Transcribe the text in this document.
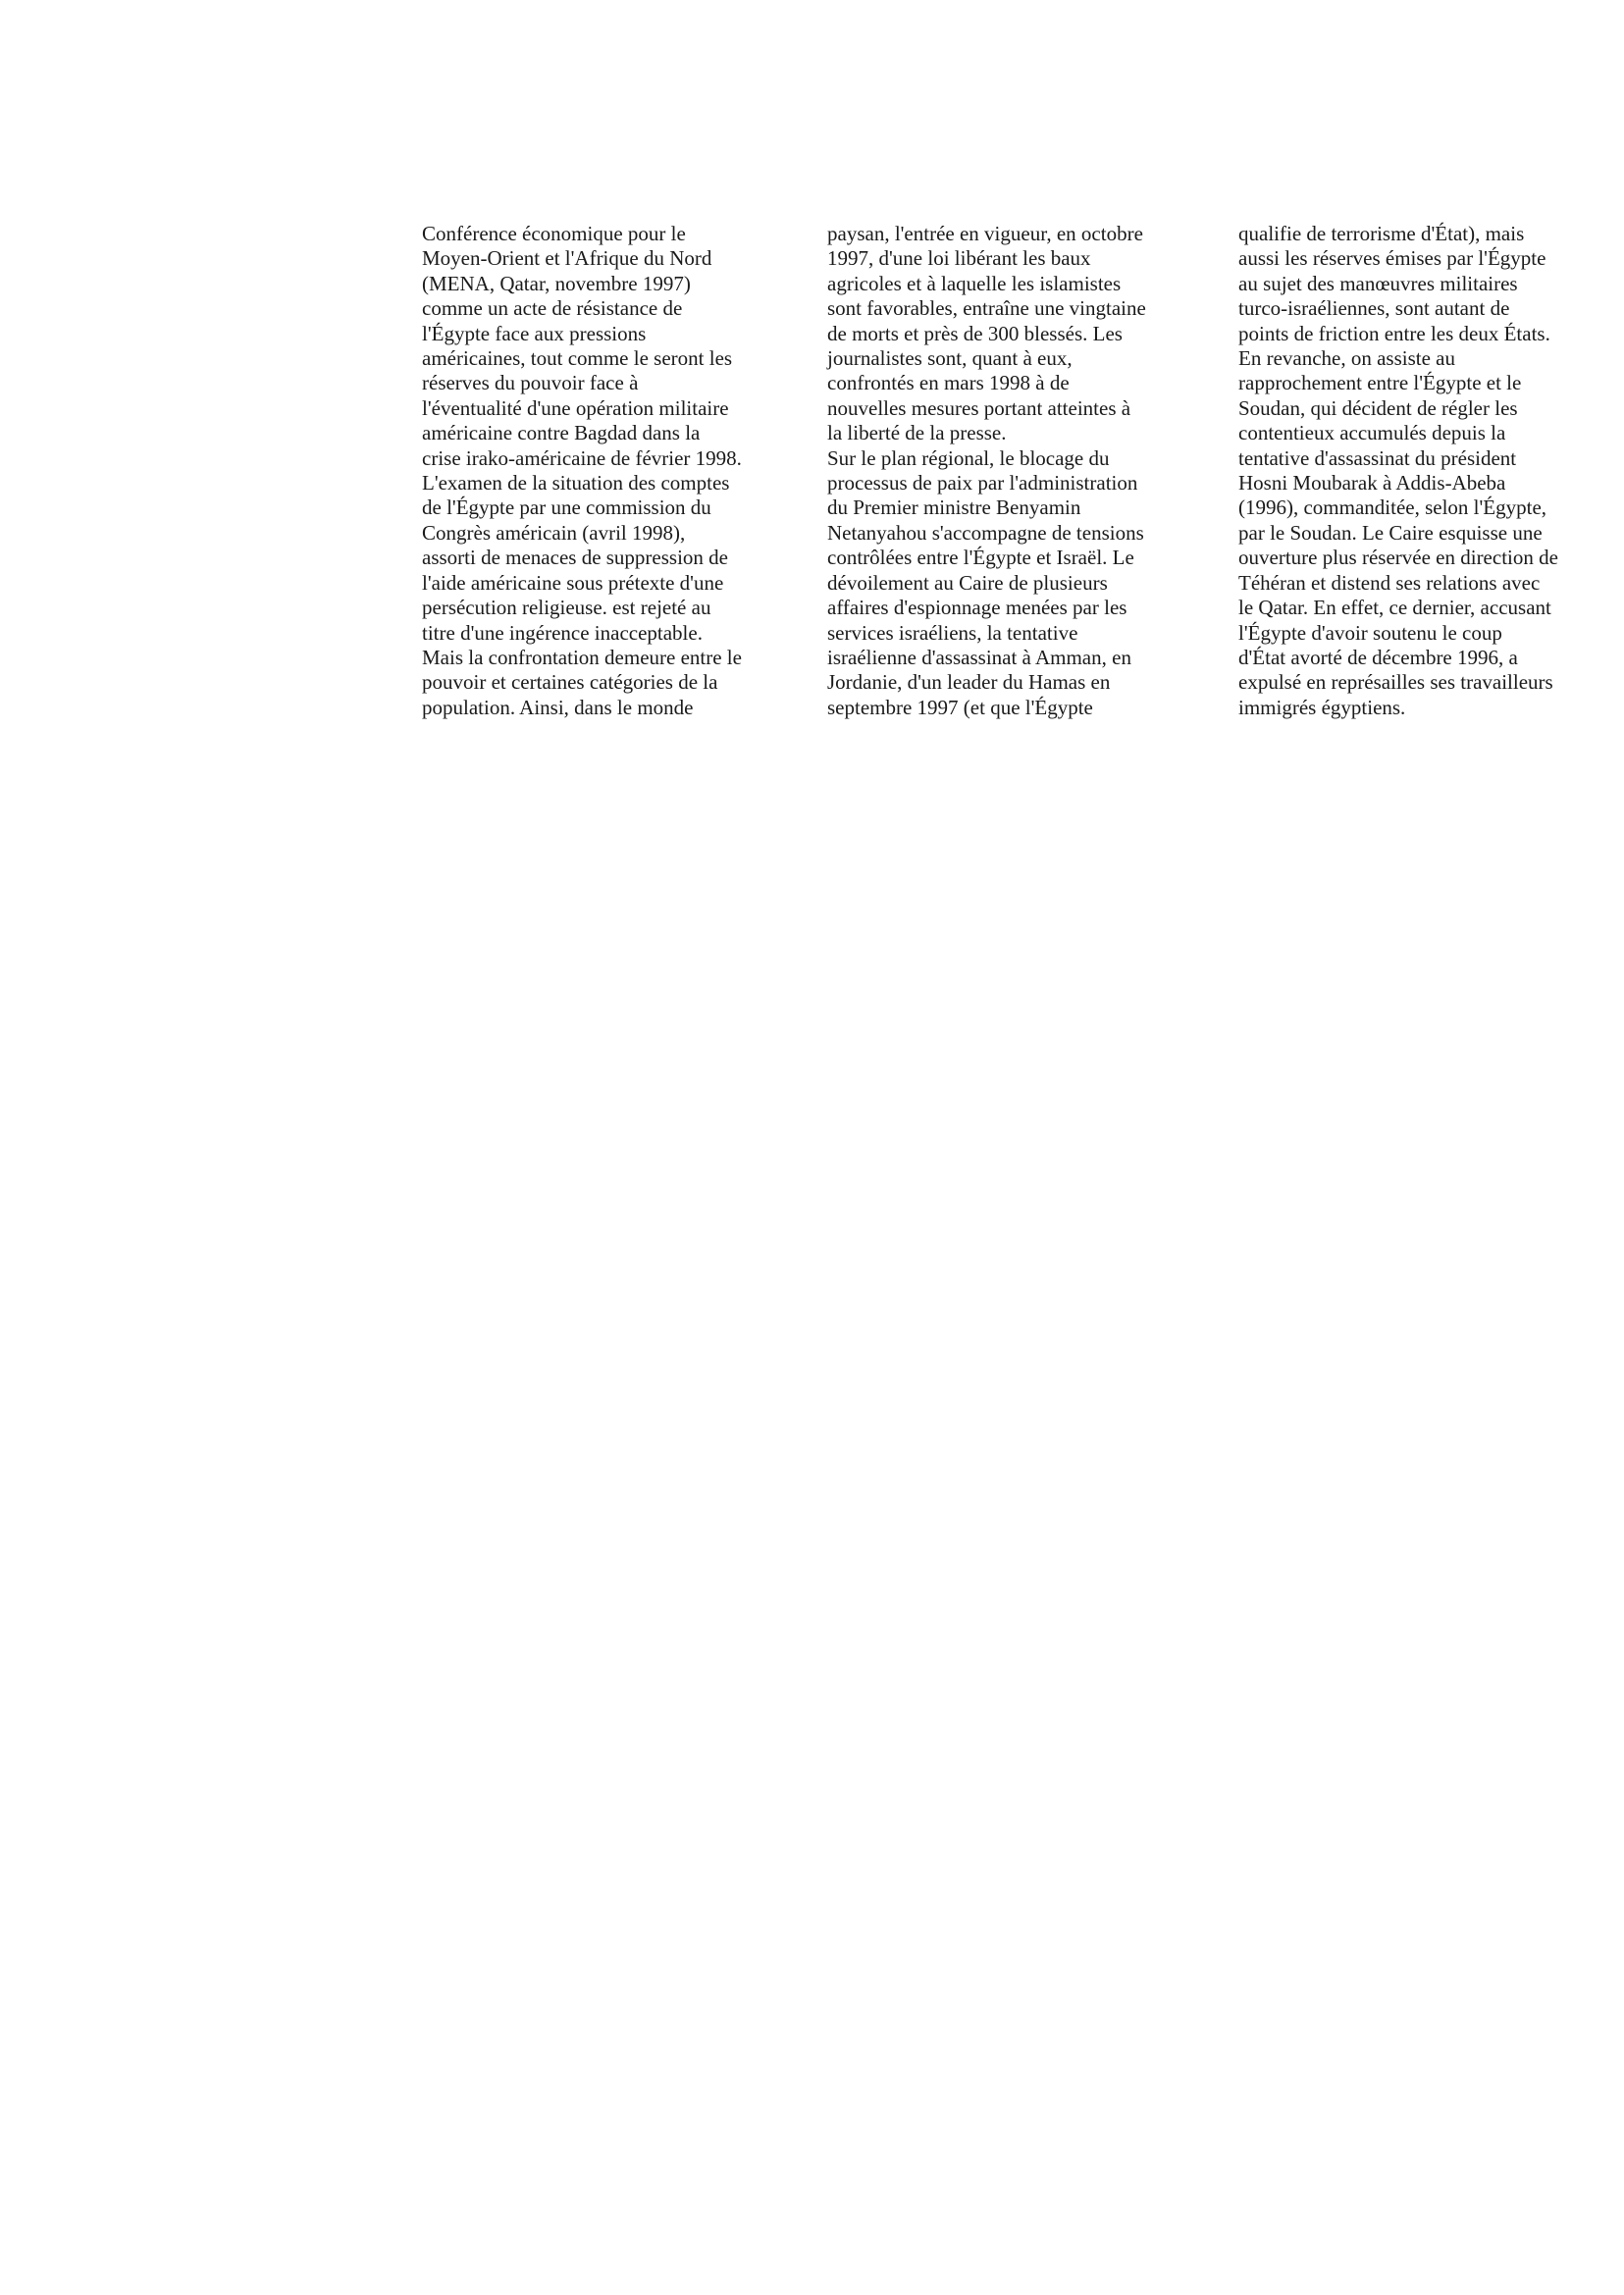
Conférence économique pour le
Moyen-Orient et l'Afrique du Nord
(MENA, Qatar, novembre 1997)
comme un acte de résistance de
l'Égypte face aux pressions
américaines, tout comme le seront les
réserves du pouvoir face à
l'éventualité d'une opération militaire
américaine contre Bagdad dans la
crise irako-américaine de février 1998.
L'examen de la situation des comptes
de l'Égypte par une commission du
Congrès américain (avril 1998),
assorti de menaces de suppression de
l'aide américaine sous prétexte d'une
persécution religieuse. est rejeté au
titre d'une ingérence inacceptable.
Mais la confrontation demeure entre le
pouvoir et certaines catégories de la
population. Ainsi, dans le monde
paysan, l'entrée en vigueur, en octobre
1997, d'une loi libérant les baux
agricoles et à laquelle les islamistes
sont favorables, entraîne une vingtaine
de morts et près de 300 blessés. Les
journalistes sont, quant à eux,
confrontés en mars 1998 à de
nouvelles mesures portant atteintes à
la liberté de la presse.
Sur le plan régional, le blocage du
processus de paix par l'administration
du Premier ministre Benyamin
Netanyahou s'accompagne de tensions
contrôlées entre l'Égypte et Israël. Le
dévoilement au Caire de plusieurs
affaires d'espionnage menées par les
services israéliens, la tentative
israélienne d'assassinat à Amman, en
Jordanie, d'un leader du Hamas en
septembre 1997 (et que l'Égypte
qualifie de terrorisme d'État), mais
aussi les réserves émises par l'Égypte
au sujet des manœuvres militaires
turco-israéliennes, sont autant de
points de friction entre les deux États.
En revanche, on assiste au
rapprochement entre l'Égypte et le
Soudan, qui décident de régler les
contentieux accumulés depuis la
tentative d'assassinat du président
Hosni Moubarak à Addis-Abeba
(1996), commanditée, selon l'Égypte,
par le Soudan. Le Caire esquisse une
ouverture plus réservée en direction de
Téhéran et distend ses relations avec
le Qatar. En effet, ce dernier, accusant
l'Égypte d'avoir soutenu le coup
d'État avorté de décembre 1996, a
expulsé en représailles ses travailleurs
immigrés égyptiens.
